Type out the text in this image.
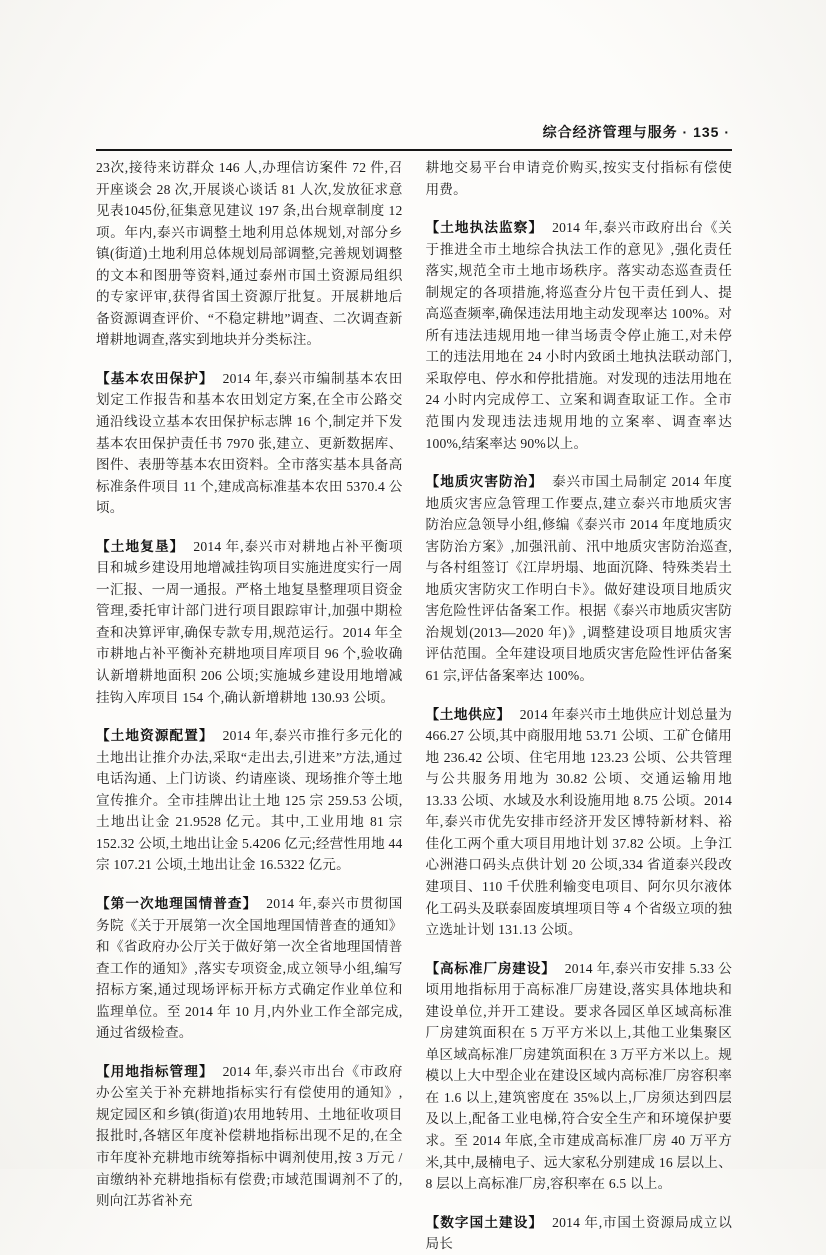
综合经济管理与服务 · 135 ·

23次,接待来访群众 146 人,办理信访案件 72 件,召开座谈会 28 次,开展谈心谈话 81 人次,发放征求意见表1045份,征集意见建议 197 条,出台规章制度 12 项。年内,泰兴市调整土地利用总体规划,对部分乡镇(街道)土地利用总体规划局部调整,完善规划调整的文本和图册等资料,通过泰州市国土资源局组织的专家评审,获得省国土资源厅批复。开展耕地后备资源调查评价、“不稳定耕地”调查、二次调查新增耕地调查,落实到地块并分类标注。

【基本农田保护】 2014 年,泰兴市编制基本农田划定工作报告和基本农田划定方案,在全市公路交通沿线设立基本农田保护标志牌 16 个,制定并下发基本农田保护责任书 7970 张,建立、更新数据库、图件、表册等基本农田资料。全市落实基本具备高标准条件项目 11 个,建成高标准基本农田 5370.4 公顷。

【土地复垦】 2014 年,泰兴市对耕地占补平衡项目和城乡建设用地增减挂钩项目实施进度实行一周一汇报、一周一通报。严格土地复垦整理项目资金管理,委托审计部门进行项目跟踪审计,加强中期检查和决算评审,确保专款专用,规范运行。2014 年全市耕地占补平衡补充耕地项目库项目 96 个,验收确认新增耕地面积 206 公顷;实施城乡建设用地增减挂钩入库项目 154 个,确认新增耕地 130.93 公顷。

【土地资源配置】 2014 年,泰兴市推行多元化的土地出让推介办法,采取“走出去,引进来”方法,通过电话沟通、上门访谈、约请座谈、现场推介等土地宣传推介。全市挂牌出让土地 125 宗 259.53 公顷,土地出让金 21.9528 亿元。其中,工业用地 81 宗 152.32 公顷,土地出让金 5.4206 亿元;经营性用地 44 宗 107.21 公顷,土地出让金 16.5322 亿元。

【第一次地理国情普查】 2014 年,泰兴市贯彻国务院《关于开展第一次全国地理国情普查的通知》和《省政府办公厅关于做好第一次全省地理国情普查工作的通知》,落实专项资金,成立领导小组,编写招标方案,通过现场评标开标方式确定作业单位和监理单位。至 2014 年 10 月,内外业工作全部完成,通过省级检查。

【用地指标管理】 2014 年,泰兴市出台《市政府办公室关于补充耕地指标实行有偿使用的通知》,规定园区和乡镇(街道)农用地转用、土地征收项目报批时,各辖区年度补偿耕地指标出现不足的,在全市年度补充耕地市统筹指标中调剂使用,按 3 万元 / 亩缴纳补充耕地指标有偿费;市域范围调剂不了的,则向江苏省补充

耕地交易平台申请竞价购买,按实支付指标有偿使用费。

【土地执法监察】 2014 年,泰兴市政府出台《关于推进全市土地综合执法工作的意见》,强化责任落实,规范全市土地市场秩序。落实动态巡查责任制规定的各项措施,将巡查分片包干责任到人、提高巡查频率,确保违法用地主动发现率达 100%。对所有违法违规用地一律当场责令停止施工,对未停工的违法用地在 24 小时内致函土地执法联动部门,采取停电、停水和停批措施。对发现的违法用地在 24 小时内完成停工、立案和调查取证工作。全市范围内发现违法违规用地的立案率、调查率达 100%,结案率达 90%以上。

【地质灾害防治】 泰兴市国土局制定 2014 年度地质灾害应急管理工作要点,建立泰兴市地质灾害防治应急领导小组,修编《泰兴市 2014 年度地质灾害防治方案》,加强汛前、汛中地质灾害防治巡查,与各村组签订《江岸坍塌、地面沉降、特殊类岩土地质灾害防灾工作明白卡》。做好建设项目地质灾害危险性评估备案工作。根据《泰兴市地质灾害防治规划(2013—2020 年)》,调整建设项目地质灾害评估范围。全年建设项目地质灾害危险性评估备案 61 宗,评估备案率达 100%。

【土地供应】 2014 年泰兴市土地供应计划总量为 466.27 公顷,其中商服用地 53.71 公顷、工矿仓储用地 236.42 公顷、住宅用地 123.23 公顷、公共管理与公共服务用地为 30.82 公顷、交通运输用地 13.33 公顷、水域及水利设施用地 8.75 公顷。2014 年,泰兴市优先安排市经济开发区博特新材料、裕佳化工两个重大项目用地计划 37.82 公顷。上争江心洲港口码头点供计划 20 公顷,334 省道泰兴段改建项目、110 千伏胜利输变电项目、阿尔贝尔液体化工码头及联泰固废填埋项目等 4 个省级立项的独立选址计划 131.13 公顷。

【高标准厂房建设】 2014 年,泰兴市安排 5.33 公顷用地指标用于高标准厂房建设,落实具体地块和建设单位,并开工建设。要求各园区单区域高标准厂房建筑面积在 5 万平方米以上,其他工业集聚区单区域高标准厂房建筑面积在 3 万平方米以上。规模以上大中型企业在建设区域内高标准厂房容积率在 1.6 以上,建筑密度在 35%以上,厂房须达到四层及以上,配备工业电梯,符合安全生产和环境保护要求。至 2014 年底,全市建成高标准厂房 40 万平方米,其中,晟楠电子、远大家私分别建成 16 层以上、8 层以上高标准厂房,容积率在 6.5 以上。

【数字国土建设】 2014 年,市国土资源局成立以局长
